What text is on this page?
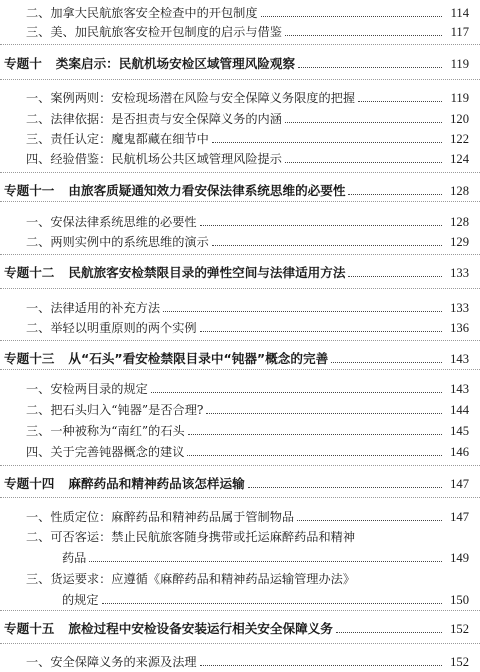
二、 加拿大民航旅客安全检查中的开包制度	114
三、 美、加民航旅客安检开包制度的启示与借鉴	117
专题十 类案启示：民航机场安检区域管理风险观察	119
一、 案例两则：安检现场潜在风险与安全保障义务限度的把握	119
二、 法律依据：是否担责与安全保障义务的内涵	120
三、 责任认定：魔鬼都藏在细节中	122
四、 经验借鉴：民航机场公共区域管理风险提示	124
专题十一 由旅客质疑通知效力看安保法律系统思维的必要性	128
一、 安保法律系统思维的必要性	128
二、 两则实例中的系统思维的演示	129
专题十二 民航旅客安检禁限目录的弹性空间与法律适用方法	133
一、 法律适用的补充方法	133
二、 举轻以明重原则的两个实例	136
专题十三 从“石头”看安检禁限目录中“钝器”概念的完善	143
一、 安检两目录的规定	143
二、 把石头归入“钝器”是否合理?	144
三、 一种被称为“南红”的石头	145
四、 关于完善钝器概念的建议	146
专题十四 麻醉药品和精神药品该怎样运输	147
一、 性质定位：麻醉药品和精神药品属于管制物品	147
二、 可否客运：禁止民航旅客随身携带或托运麻醉药品和精神
药品	149
三、 货运要求：应遵循《麻醉药品和精神药品运输管理办法》
的规定	150
专题十五 旅检过程中安检设备安装运行相关安全保障义务	152
一、 安全保障义务的来源及法理	152
